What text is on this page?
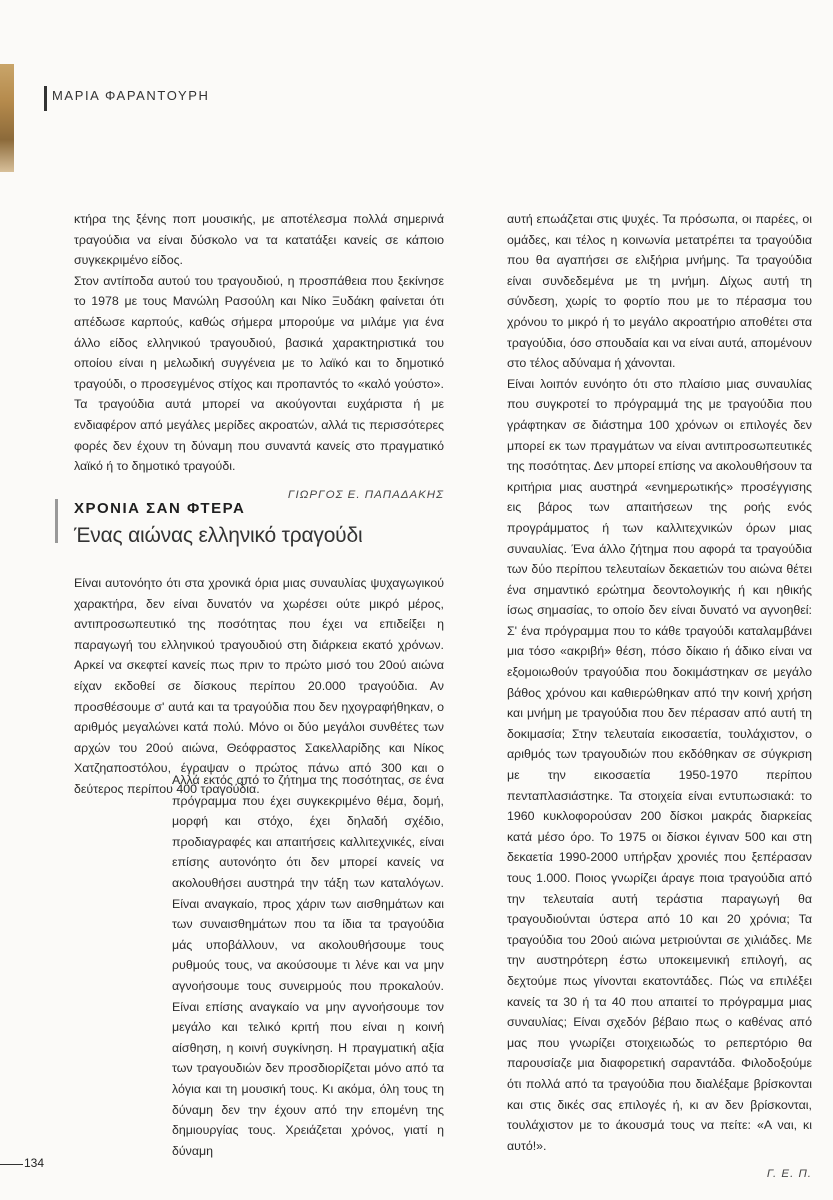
ΜΑΡΙΑ ΦΑΡΑΝΤΟΥΡΗ

κτήρα της ξένης ποπ μουσικής, με αποτέλεσμα πολλά σημερινά τραγούδια να είναι δύσκολο να τα κατατάξει κανείς σε κάποιο συγκεκριμένο είδος.

Στον αντίποδα αυτού του τραγουδιού, η προσπάθεια που ξεκίνησε το 1978 με τους Μανώλη Ρασούλη και Νίκο Ξυδάκη φαίνεται ότι απέδωσε καρπούς, καθώς σήμερα μπορούμε να μιλάμε για ένα άλλο είδος ελληνικού τραγουδιού, βασικά χαρακτηριστικά του οποίου είναι η μελωδική συγγένεια με το λαϊκό και το δημοτικό τραγούδι, ο προσεγμένος στίχος και προπαντός το «καλό γούστο». Τα τραγούδια αυτά μπορεί να ακούγονται ευχάριστα ή με ενδιαφέρον από μεγάλες μερίδες ακροατών, αλλά τις περισσότερες φορές δεν έχουν τη δύναμη που συναντά κανείς στο πραγματικό λαϊκό ή το δημοτικό τραγούδι.

ΓΙΩΡΓΟΣ Ε. ΠΑΠΑΔΑΚΗΣ
ΧΡΟΝΙΑ ΣΑΝ ΦΤΕΡΑ
Ένας αιώνας ελληνικό τραγούδι

Είναι αυτονόητο ότι στα χρονικά όρια μιας συναυλίας ψυχαγωγικού χαρακτήρα, δεν είναι δυνατόν να χωρέσει ούτε μικρό μέρος, αντιπροσωπευτικό της ποσότητας που έχει να επιδείξει η παραγωγή του ελληνικού τραγουδιού στη διάρκεια εκατό χρόνων. Αρκεί να σκεφτεί κανείς πως πριν το πρώτο μισό του 20ού αιώνα είχαν εκδοθεί σε δίσκους περίπου 20.000 τραγούδια. Αν προσθέσουμε σ' αυτά και τα τραγούδια που δεν ηχογραφήθηκαν, ο αριθμός μεγαλώνει κατά πολύ. Μόνο οι δύο μεγάλοι συνθέτες των αρχών του 20ού αιώνα, Θεόφραστος Σακελλαρίδης και Νίκος Χατζηαποστόλου, έγραψαν ο πρώτος πάνω από 300 και ο δεύτερος περίπου 400 τραγούδια.

Αλλά εκτός από το ζήτημα της ποσότητας, σε ένα πρόγραμμα που έχει συγκεκριμένο θέμα, δομή, μορφή και στόχο, έχει δηλαδή σχέδιο, προδιαγραφές και απαιτήσεις καλλιτεχνικές, είναι επίσης αυτονόητο ότι δεν μπορεί κανείς να ακολουθήσει αυστηρά την τάξη των καταλόγων. Είναι αναγκαίο, προς χάριν των αισθημάτων και των συναισθημάτων που τα ίδια τα τραγούδια μάς υποβάλλουν, να ακολουθήσουμε τους ρυθμούς τους, να ακούσουμε τι λένε και να μην αγνοήσουμε τους συνειρμούς που προκαλούν. Είναι επίσης αναγκαίο να μην αγνοήσουμε τον μεγάλο και τελικό κριτή που είναι η κοινή αίσθηση, η κοινή συγκίνηση. Η πραγματική αξία των τραγουδιών δεν προσδιορίζεται μόνο από τα λόγια και τη μουσική τους. Κι ακόμα, όλη τους τη δύναμη δεν την έχουν από την επομένη της δημιουργίας τους. Χρειάζεται χρόνος, γιατί η δύναμη

αυτή επωάζεται στις ψυχές. Τα πρόσωπα, οι παρέες, οι ομάδες, και τέλος η κοινωνία μετατρέπει τα τραγούδια που θα αγαπήσει σε ελιξήρια μνήμης. Τα τραγούδια είναι συνδεδεμένα με τη μνήμη. Δίχως αυτή τη σύνδεση, χωρίς το φορτίο που με το πέρασμα του χρόνου το μικρό ή το μεγάλο ακροατήριο αποθέτει στα τραγούδια, όσο σπουδαία και να είναι αυτά, απομένουν στο τέλος αδύναμα ή χάνονται.

Είναι λοιπόν ευνόητο ότι στο πλαίσιο μιας συναυλίας που συγκροτεί το πρόγραμμά της με τραγούδια που γράφτηκαν σε διάστημα 100 χρόνων οι επιλογές δεν μπορεί εκ των πραγμάτων να είναι αντιπροσωπευτικές της ποσότητας. Δεν μπορεί επίσης να ακολουθήσουν τα κριτήρια μιας αυστηρά «ενημερωτικής» προσέγγισης εις βάρος των απαιτήσεων της ροής ενός προγράμματος ή των καλλιτεχνικών όρων μιας συναυλίας. Ένα άλλο ζήτημα που αφορά τα τραγούδια των δύο περίπου τελευταίων δεκαετιών του αιώνα θέτει ένα σημαντικό ερώτημα δεοντολογικής ή και ηθικής ίσως σημασίας, το οποίο δεν είναι δυνατό να αγνοηθεί: Σ' ένα πρόγραμμα που το κάθε τραγούδι καταλαμβάνει μια τόσο «ακριβή» θέση, πόσο δίκαιο ή άδικο είναι να εξομοιωθούν τραγούδια που δοκιμάστηκαν σε μεγάλο βάθος χρόνου και καθιερώθηκαν από την κοινή χρήση και μνήμη με τραγούδια που δεν πέρασαν από αυτή τη δοκιμασία; Στην τελευταία εικοσαετία, τουλάχιστον, ο αριθμός των τραγουδιών που εκδόθηκαν σε σύγκριση με την εικοσαετία 1950-1970 περίπου πενταπλασιάστηκε. Τα στοιχεία είναι εντυπωσιακά: το 1960 κυκλοφορούσαν 200 δίσκοι μακράς διαρκείας κατά μέσο όρο. Το 1975 οι δίσκοι έγιναν 500 και στη δεκαετία 1990-2000 υπήρξαν χρονιές που ξεπέρασαν τους 1.000. Ποιος γνωρίζει άραγε ποια τραγούδια από την τελευταία αυτή τεράστια παραγωγή θα τραγουδιούνται ύστερα από 10 και 20 χρόνια; Τα τραγούδια του 20ού αιώνα μετριούνται σε χιλιάδες. Με την αυστηρότερη έστω υποκειμενική επιλογή, ας δεχτούμε πως γίνονται εκατοντάδες. Πώς να επιλέξει κανείς τα 30 ή τα 40 που απαιτεί το πρόγραμμα μιας συναυλίας; Είναι σχεδόν βέβαιο πως ο καθένας από μας που γνωρίζει στοιχειωδώς το ρεπερτόριο θα παρουσίαζε μια διαφορετική σαραντάδα. Φιλοδοξούμε ότι πολλά από τα τραγούδια που διαλέξαμε βρίσκονται και στις δικές σας επιλογές ή, κι αν δεν βρίσκονται, τουλάχιστον με το άκουσμά τους να πείτε: «Α ναι, κι αυτό!».

Γ. Ε. Π.
134
